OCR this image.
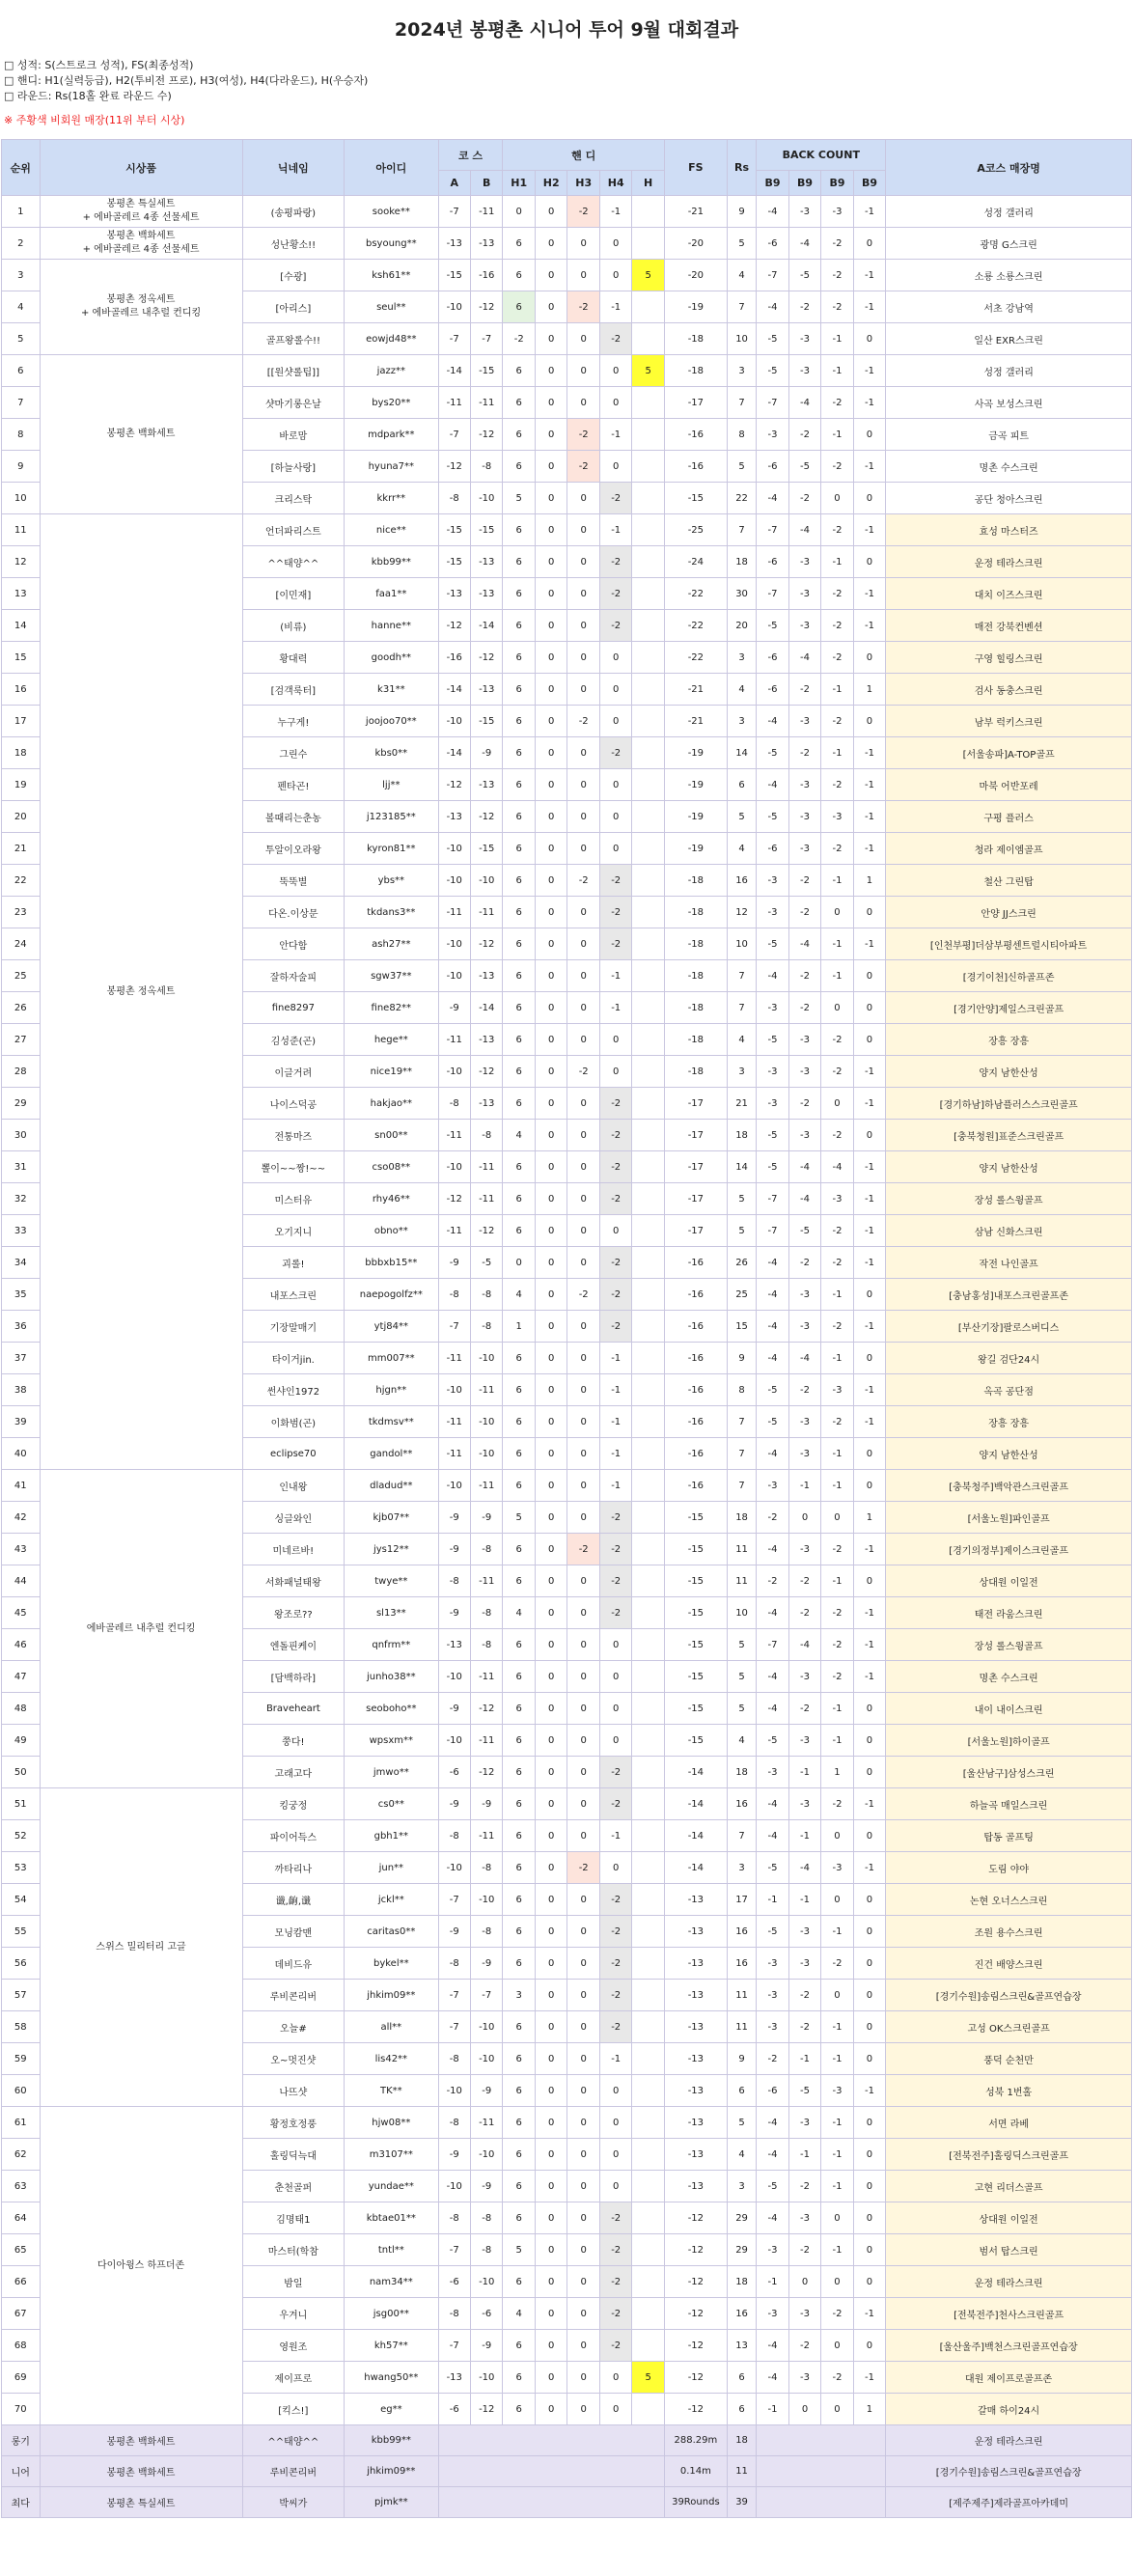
2024년 봉평촌 시니어 투어 9월 대회결과
□ 성적: S(스트로크 성적), FS(최종성적)
□ 핸디: H1(실력등급), H2(투비전 프로), H3(여성), H4(다라운드), H(우승자)
□ 라운드: Rs(18홀 완료 라운드 수)
※ 주황색 비회원 매장(11위 부터 시상)
순위	시상품	닉네임	아이디	코 스		핸 디					FS	Rs	BACK COUNT				A코스 매장명
				A	B	H1	H2	H3	H4	H			B9	B9	B9	B9	
1	봉평촌 특실세트
+ 에바골레르 4종 선물세트	(송평파랑)	sooke**	-7	-11	0	0	-2	-1		-21	9	-4	-3	-3	-1	성정 갤러리
2	봉평촌 백화세트
+ 에바골레르 4종 선물세트	성난황소!!	bsyoung**	-13	-13	6	0	0	0		-20	5	-6	-4	-2	0	광명 G스크린
3	봉평촌 정옥세트
+ 에바골레르 내추럴 컨디킹	[수광]	ksh61**	-15	-16	6	0	0	0	5	-20	4	-7	-5	-2	-1	소룡 소룡스크린
4		[아리스]	seul**	-10	-12	6	0	-2	-1		-19	7	-4	-2	-2	-1	서초 강남역
5		골프왕롤수!!	eowjd48**	-7	-7	-2	0	0	-2		-18	10	-5	-3	-1	0	일산 EXR스크린
6	봉평촌 백화세트	[[원샷롤팁]]	jazz**	-14	-15	6	0	0	0	5	-18	3	-5	-3	-1	-1	성정 갤러리
7		샷마기롱은날	bys20**	-11	-11	6	0	0	0		-17	7	-7	-4	-2	-1	사곡 보성스크린
8		바로맘	mdpark**	-7	-12	6	0	-2	-1		-16	8	-3	-2	-1	0	금곡 피트
9		[하늘사랑]	hyuna7**	-12	-8	6	0	-2	0		-16	5	-6	-5	-2	-1	명촌 수스크린
10		크리스탁	kkrr**	-8	-10	5	0	0	-2		-15	22	-4	-2	0	0	공단 청아스크린
11	봉평촌 정옥세트	언더파리스트	nice**	-15	-15	6	0	0	-1		-25	7	-7	-4	-2	-1	효성 마스터즈
12		^^태양^^	kbb99**	-15	-13	6	0	0	-2		-24	18	-6	-3	-1	0	운정 테라스크린
13		[이민재]	faa1**	-13	-13	6	0	0	-2		-22	30	-7	-3	-2	-1	대치 이즈스크린
14		(비류)	hanne**	-12	-14	6	0	0	-2		-22	20	-5	-3	-2	-1	매전 강북컨벤션
15		황대력	goodh**	-16	-12	6	0	0	0		-22	3	-6	-4	-2	0	구영 힐링스크린
16		[검객룩터]	k31**	-14	-13	6	0	0	0		-21	4	-6	-2	-1	1	검사 동충스크린
17		누구게!	joojoo70**	-10	-15	6	0	-2	0		-21	3	-4	-3	-2	0	남부 럭키스크린
18		그린수	kbs0**	-14	-9	6	0	0	-2		-19	14	-5	-2	-1	-1	[서울송파]A-TOP골프
19		펜타곤!	ljj**	-12	-13	6	0	0	0		-19	6	-4	-3	-2	-1	마북 어반포레
20		볼때리는춘농	j123185**	-13	-12	6	0	0	0		-19	5	-5	-3	-3	-1	구평 플러스
21		투알이오라왕	kyron81**	-10	-15	6	0	0	0		-19	4	-6	-3	-2	-1	청라 제이엠골프
22		뚝뚝별	ybs**	-10	-10	6	0	-2	-2		-18	16	-3	-2	-1	1	철산 그린탑
23		다온.이상문	tkdans3**	-11	-11	6	0	0	-2		-18	12	-3	-2	0	0	안양 JJ스크린
24		안다함	ash27**	-10	-12	6	0	0	-2		-18	10	-5	-4	-1	-1	[인천부평]더삼부평센트럴시티아파트
25		잘하자술피	sgw37**	-10	-13	6	0	0	-1		-18	7	-4	-2	-1	0	[경기이천]신하골프존
26		fine8297	fine82**	-9	-14	6	0	0	-1		-18	7	-3	-2	0	0	[경기안양]제일스크린골프
27		김성준(곤)	hege**	-11	-13	6	0	0	0		-18	4	-5	-3	-2	0	장흥 장흥
28		이글거려	nice19**	-10	-12	6	0	-2	0		-18	3	-3	-3	-2	-1	양지 남한산성
29		나이스덕공	hakjao**	-8	-13	6	0	0	-2		-17	21	-3	-2	0	-1	[경기하남]하남플러스스크린골프
30		전통마즈	sn00**	-11	-8	4	0	0	-2		-17	18	-5	-3	-2	0	[충북청원]표준스크린골프
31		뽈이~~짱!~~	cso08**	-10	-11	6	0	0	-2		-17	14	-5	-4	-4	-1	양지 남한산성
32		미스터유	rhy46**	-12	-11	6	0	0	-2		-17	5	-7	-4	-3	-1	장성 롤스윙골프
33		오기지니	obno**	-11	-12	6	0	0	0		-17	5	-7	-5	-2	-1	삼남 신화스크린
34		괴롤!	bbbxb15**	-9	-5	0	0	0	-2		-16	26	-4	-2	-2	-1	작전 나인골프
35		내포스크린	naepogolfz**	-8	-8	4	0	-2	-2		-16	25	-4	-3	-1	0	[충남홍성]내포스크린골프존
36		기장말매기	ytj84**	-7	-8	1	0	0	-2		-16	15	-4	-3	-2	-1	[부산기장]팔로스버디스
37		타이거jin.	mm007**	-11	-10	6	0	0	-1		-16	9	-4	-4	-1	0	왕길 검단24시
38		썬샤인1972	hjgn**	-10	-11	6	0	0	-1		-16	8	-5	-2	-3	-1	옥곡 공단점
39		이화범(곤)	tkdmsv**	-11	-10	6	0	0	-1		-16	7	-5	-3	-2	-1	장흥 장흥
40		eclipse70	gandol**	-11	-10	6	0	0	-1		-16	7	-4	-3	-1	0	양지 남한산성
41	에바골레르 내추럴 컨디킹	인내왕	dladud**	-10	-11	6	0	0	-1		-16	7	-3	-1	-1	0	[충북청주]백악관스크린골프
42		싱글와인	kjb07**	-9	-9	5	0	0	-2		-15	18	-2	0	0	1	[서울노원]파인골프
43		미네르바!	jys12**	-9	-8	6	0	-2	-2		-15	11	-4	-3	-2	-1	[경기의정부]제이스크린골프
44		서화패널태왕	twye**	-8	-11	6	0	0	-2		-15	11	-2	-2	-1	0	상대원 이일전
45		왕조로??	sl13**	-9	-8	4	0	0	-2		-15	10	-4	-2	-2	-1	태전 라움스크린
46		엔돌핀케이	qnfrm**	-13	-8	6	0	0	0		-15	5	-7	-4	-2	-1	장성 롤스윙골프
47		[담백하라]	junho38**	-10	-11	6	0	0	0		-15	5	-4	-3	-2	-1	명촌 수스크린
48		Braveheart	seoboho**	-9	-12	6	0	0	0		-15	5	-4	-2	-1	0	내이 내이스크린
49		쭝다!	wpsxm**	-10	-11	6	0	0	0		-15	4	-5	-3	-1	0	[서울노원]하이골프
50		고래고다	jmwo**	-6	-12	6	0	0	-2		-14	18	-3	-1	1	0	[울산남구]삼성스크린
51	스위스 밀리터리 고글	킹궁정	cs0**	-9	-9	6	0	0	-2		-14	16	-4	-3	-2	-1	하늘곡 매일스크린
52		파이어득스	gbh1**	-8	-11	6	0	0	-1		-14	7	-4	-1	0	0	탑동 골프팅
53		까타리나	jun**	-10	-8	6	0	-2	0		-14	3	-5	-4	-3	-1	도림 야야
54		谶,齣,谶	jckl**	-7	-10	6	0	0	-2		-13	17	-1	-1	0	0	논현 오너스스크린
55		모닝캄맨	caritas0**	-9	-8	6	0	0	-2		-13	16	-5	-3	-1	0	조원 용수스크린
56		데비드유	bykel**	-8	-9	6	0	0	-2		-13	16	-3	-3	-2	0	진건 배양스크린
57		루비콘리버	jhkim09**	-7	-7	3	0	0	-2		-13	11	-3	-2	0	0	[경기수원]송림스크린&골프연습장
58		오늘#	all**	-7	-10	6	0	0	-2		-13	11	-3	-2	-1	0	고성 OK스크린골프
59		오~멋진샷	lis42**	-8	-10	6	0	0	-1		-13	9	-2	-1	-1	0	풍덕 순천만
60		나뜨샷	TK**	-10	-9	6	0	0	0		-13	6	-6	-5	-3	-1	성북 1번홀
61	다이아윙스 하프더존	황정호정풍	hjw08**	-8	-11	6	0	0	0		-13	5	-4	-3	-1	0	서면 라베
62		홀링딕늑대	m3107**	-9	-10	6	0	0	0		-13	4	-4	-1	-1	0	[전북전주]홀링딕스크린골프
63		춘천골퍼	yundae**	-10	-9	6	0	0	0		-13	3	-5	-2	-1	0	고현 리더스골프
64		김명태1	kbtae01**	-8	-8	6	0	0	-2		-12	29	-4	-3	0	0	상대원 이일전
65		마스터(학참	tntl**	-7	-8	5	0	0	-2		-12	29	-3	-2	-1	0	범서 탑스크린
66		밤일	nam34**	-6	-10	6	0	0	-2		-12	18	-1	0	0	0	운정 테라스크린
67		우겨니	jsg00**	-8	-6	4	0	0	-2		-12	16	-3	-3	-2	-1	[전북전주]천사스크린골프
68		영원조	kh57**	-7	-9	6	0	0	-2		-12	13	-4	-2	0	0	[울산울주]백천스크린골프연습장
69		제이프로	hwang50**	-13	-10	6	0	0	0	5	-12	6	-4	-3	-2	-1	대원 제이프로골프존
70		[킥스!]	eg**	-6	-12	6	0	0	0		-12	6	-1	0	0	1	갈매 하이24시
롱기	봉평촌 백화세트	^^태양^^	kbb99**								288.29m	18					운정 테라스크린
니어	봉평촌 백화세트	루비콘리버	jhkim09**								0.14m	11					[경기수원]송림스크린&골프연습장
최다	봉평촌 특실세트	박씨가	pjmk**								39Rounds	39					[제주제주]제라골프아카데미
